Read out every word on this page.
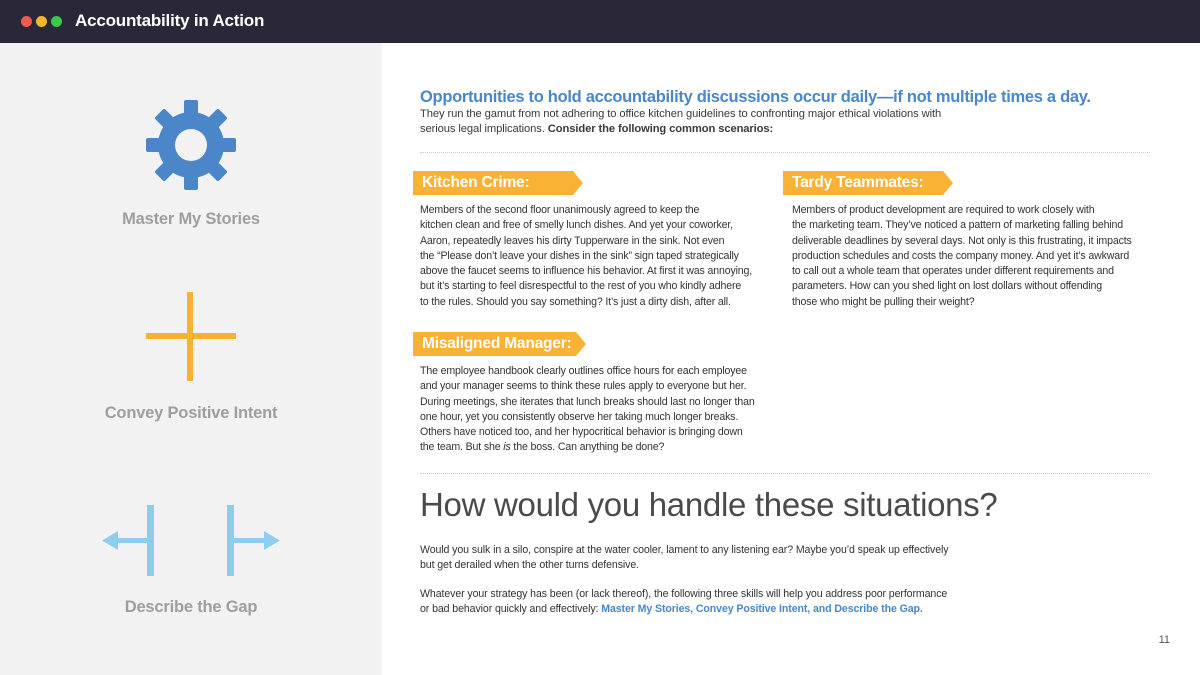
Accountability in Action
Master My Stories
Convey Positive Intent
Describe the Gap
Opportunities to hold accountability discussions occur daily—if not multiple times a day.
They run the gamut from not adhering to office kitchen guidelines to confronting major ethical violations with
serious legal implications. Consider the following common scenarios:
Kitchen Crime:
Members of the second floor unanimously agreed to keep the
kitchen clean and free of smelly lunch dishes. And yet your coworker,
Aaron, repeatedly leaves his dirty Tupperware in the sink. Not even
the “Please don’t leave your dishes in the sink” sign taped strategically
above the faucet seems to influence his behavior. At first it was annoying,
but it’s starting to feel disrespectful to the rest of you who kindly adhere
to the rules. Should you say something? It’s just a dirty dish, after all.
Tardy Teammates:
Members of product development are required to work closely with
the marketing team. They’ve noticed a pattern of marketing falling behind
deliverable deadlines by several days. Not only is this frustrating, it impacts
production schedules and costs the company money. And yet it’s awkward
to call out a whole team that operates under different requirements and
parameters. How can you shed light on lost dollars without offending
those who might be pulling their weight?
Misaligned Manager:
The employee handbook clearly outlines office hours for each employee
and your manager seems to think these rules apply to everyone but her.
During meetings, she iterates that lunch breaks should last no longer than
one hour, yet you consistently observe her taking much longer breaks.
Others have noticed too, and her hypocritical behavior is bringing down
the team. But she is the boss. Can anything be done?
How would you handle these situations?
Would you sulk in a silo, conspire at the water cooler, lament to any listening ear? Maybe you’d speak up effectively
but get derailed when the other turns defensive.
Whatever your strategy has been (or lack thereof), the following three skills will help you address poor performance
or bad behavior quickly and effectively: Master My Stories, Convey Positive Intent, and Describe the Gap.
11
